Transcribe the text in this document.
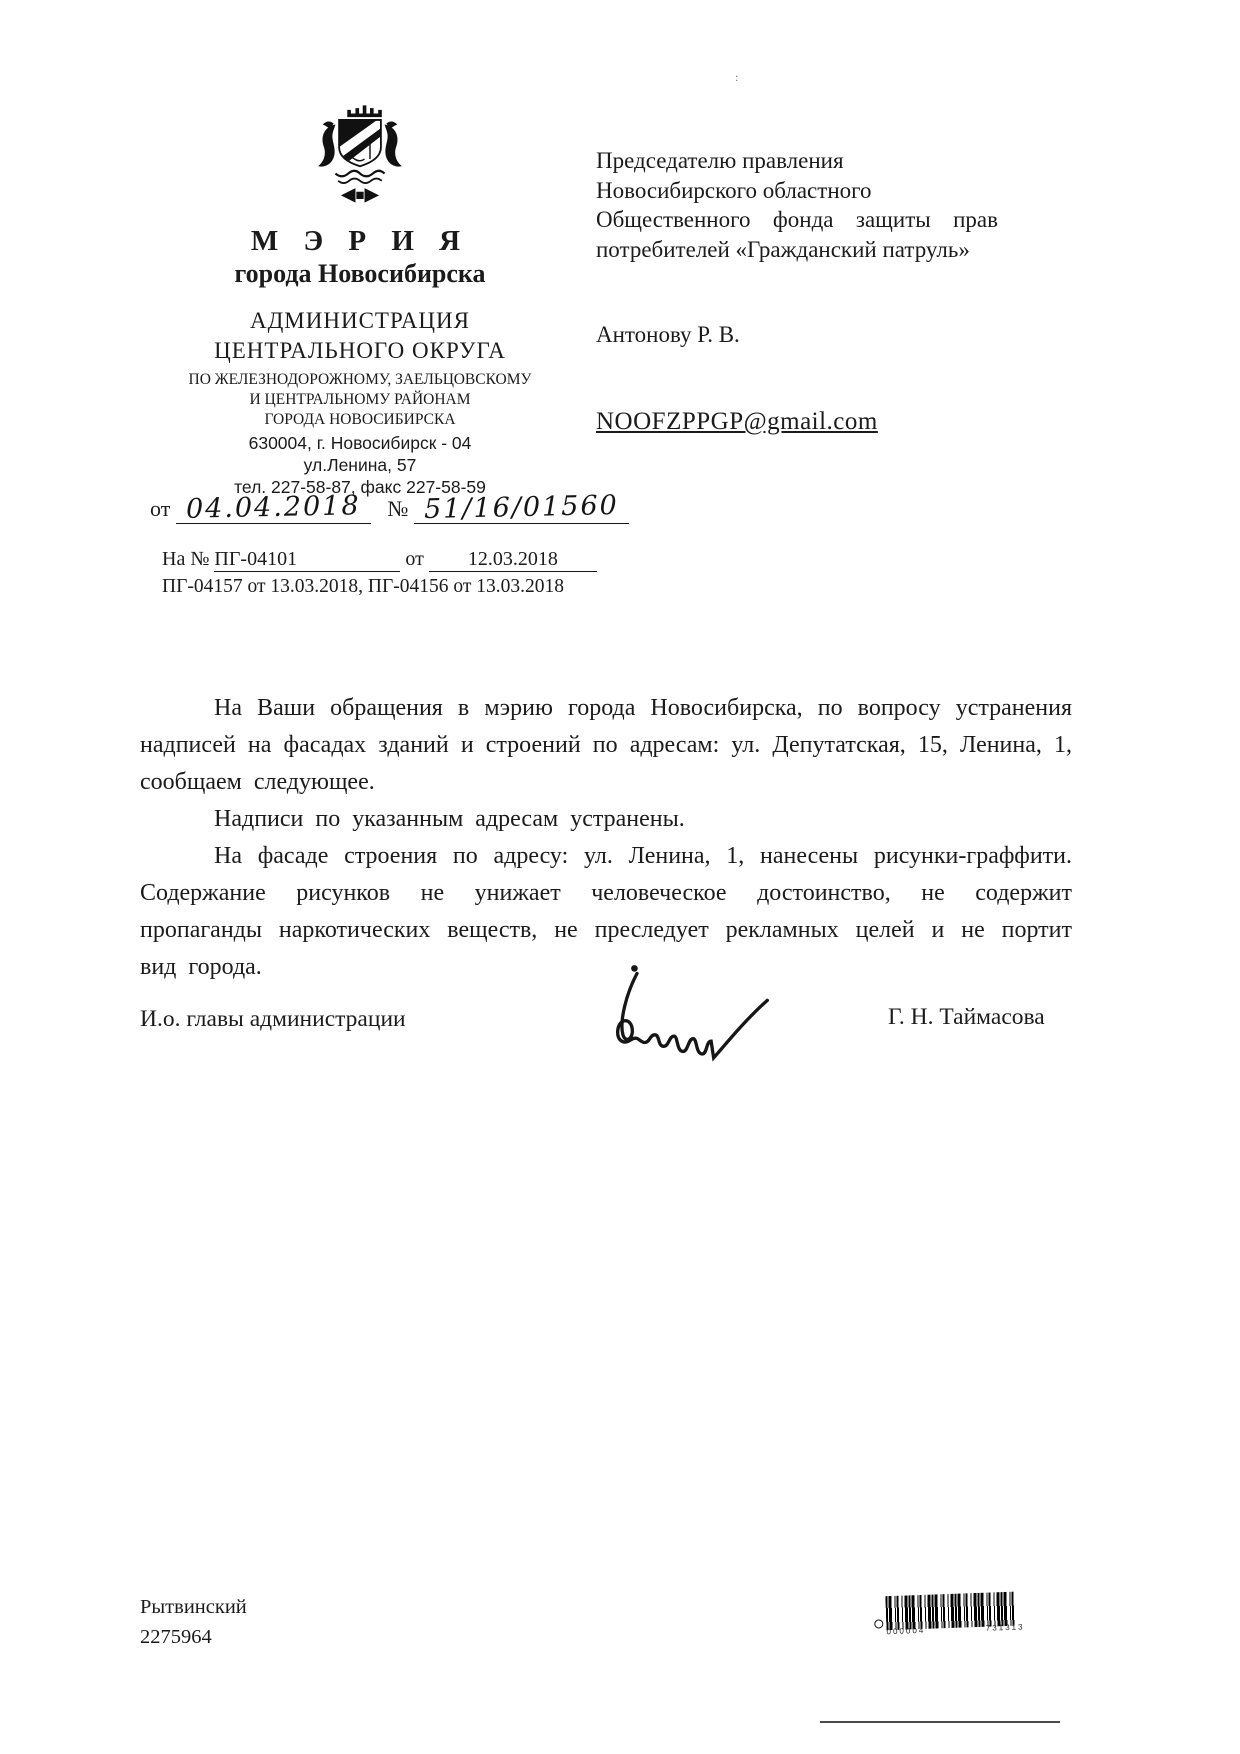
М Э Р И Я
города Новосибирска
АДМИНИСТРАЦИЯ
ЦЕНТРАЛЬНОГО ОКРУГА
ПО ЖЕЛЕЗНОДОРОЖНОМУ, ЗАЕЛЬЦОВСКОМУ
И ЦЕНТРАЛЬНОМУ РАЙОНАМ
ГОРОДА НОВОСИБИРСКА
630004, г. Новосибирск - 04
ул.Ленина, 57
тел. 227-58-87, факс 227-58-59
от 04.04.2018 № 51/16/01560
На № ПГ-04101	от 12.03.2018
ПГ-04157 от 13.03.2018, ПГ-04156 от 13.03.2018
Председателю правления
Новосибирского областного
Общественного фонда защиты прав
потребителей «Гражданский патруль»
Антонову Р. В.
NOOFZPPGP@gmail.com

На Ваши обращения в мэрию города Новосибирска, по вопросу устранения надписей на фасадах зданий и строений по адресам: ул. Депутатская, 15, Ленина, 1, сообщаем следующее.

Надписи по указанным адресам устранены.

На фасаде строения по адресу: ул. Ленина, 1, нанесены рисунки-граффити. Содержание рисунков не унижает человеческое достоинство, не содержит пропаганды наркотических веществ, не преследует рекламных целей и не портит вид города.

И.о. главы администрации	Г. Н. Таймасова
Рытвинский
2275964	000004	731313
:
